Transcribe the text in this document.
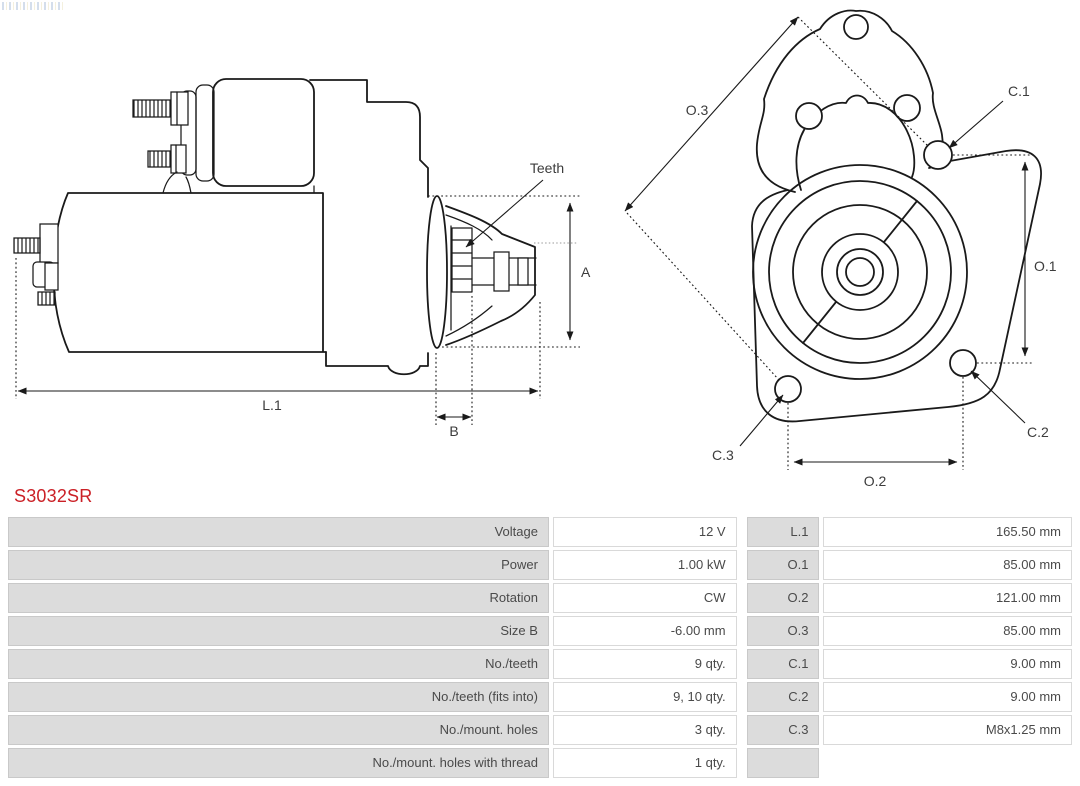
Teeth
A
L.1
B
O.3
C.1
O.1
C.2
C.3
O.2
S3032SR
Voltage	12 V	L.1	165.50 mm
Power	1.00 kW	O.1	85.00 mm
Rotation	CW	O.2	121.00 mm
Size B	-6.00 mm	O.3	85.00 mm
No./teeth	9 qty.	C.1	9.00 mm
No./teeth (fits into)	9, 10 qty.	C.2	9.00 mm
No./mount. holes	3 qty.	C.3	M8x1.25 mm
No./mount. holes with thread	1 qty.
